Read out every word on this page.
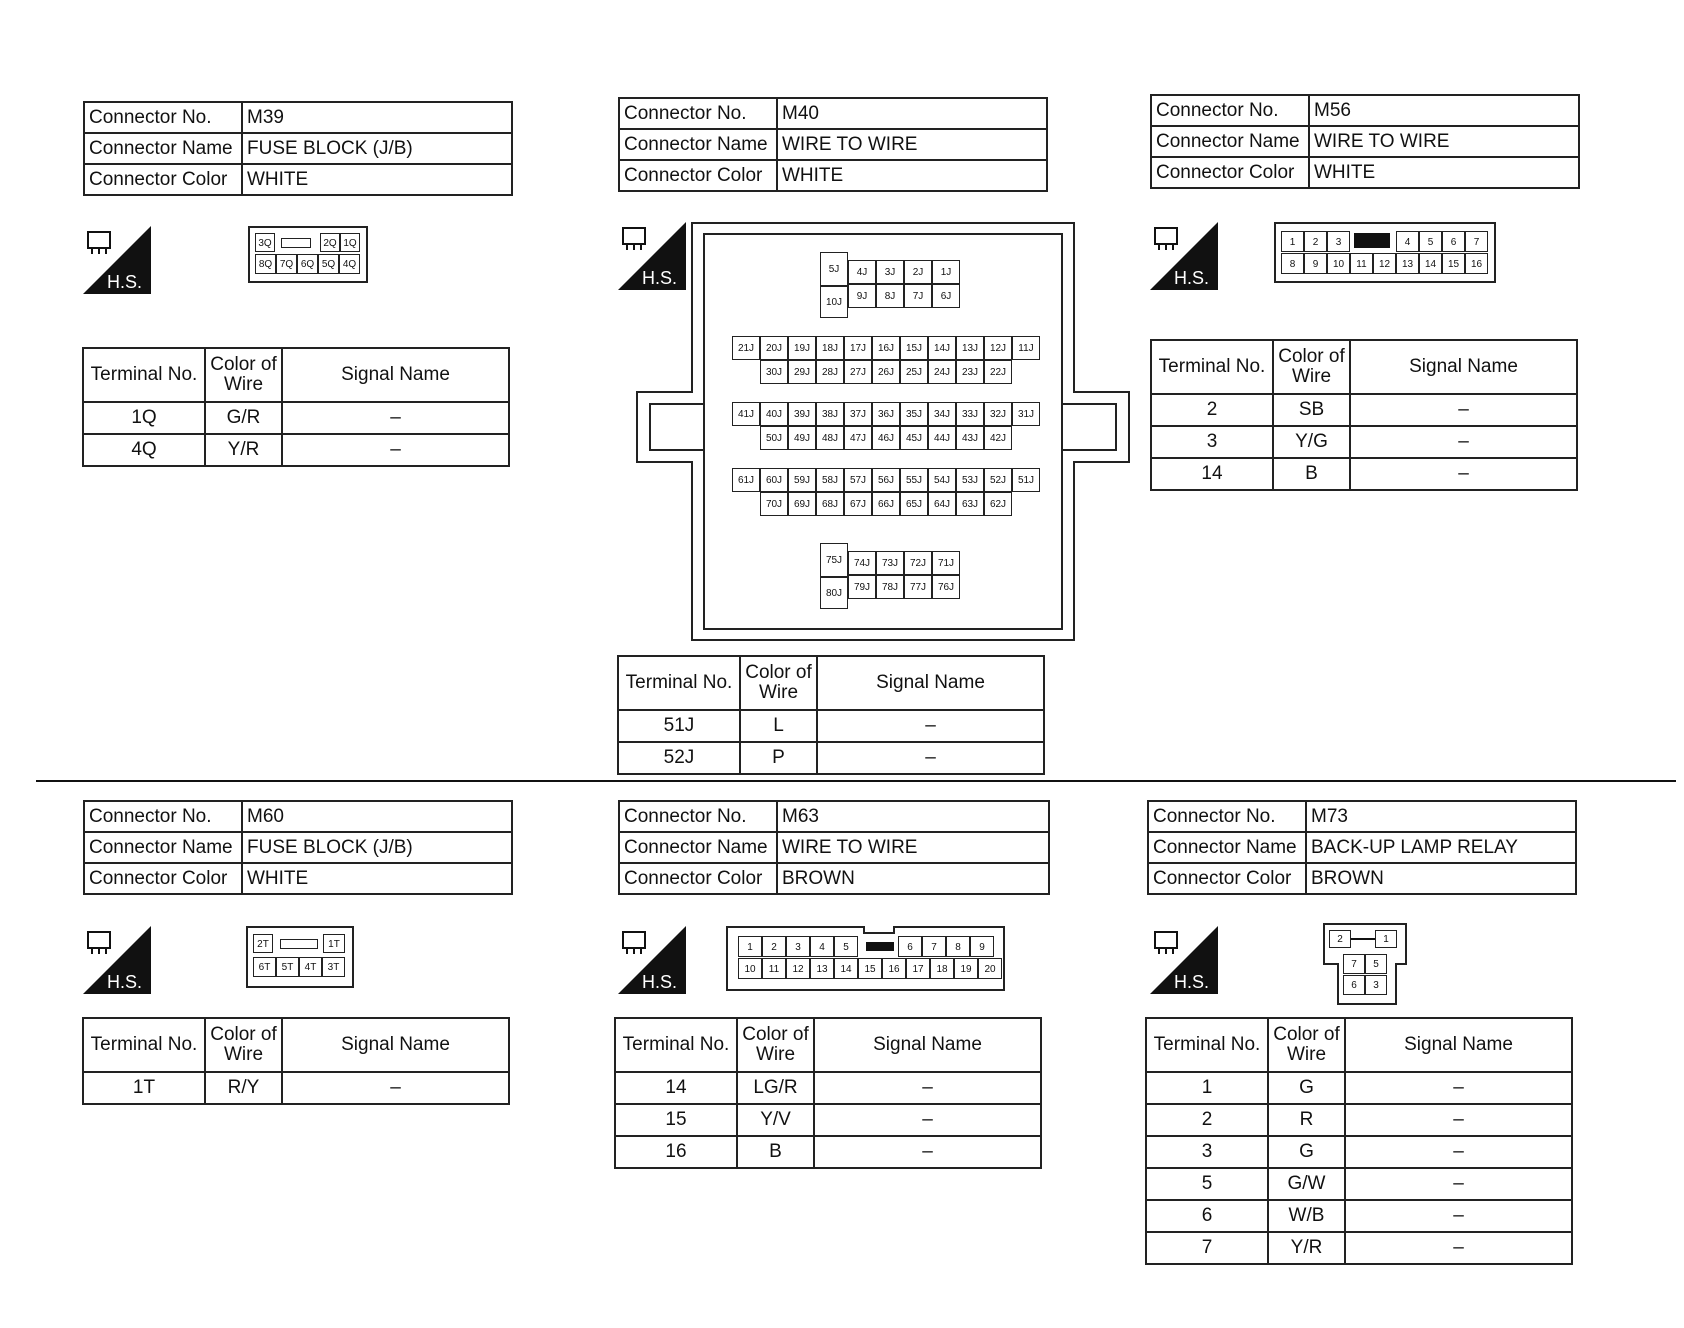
Connector No.	M39
Connector Name	FUSE BLOCK (J/B)
Connector Color	WHITE
H.S.
3Q	2Q 1Q
8Q 7Q 6Q 5Q 4Q
Terminal No.	Color of Wire	Signal Name
1Q	G/R	–
4Q	Y/R	–
Connector No.	M40
Connector Name	WIRE TO WIRE
Connector Color	WHITE
H.S.	5J
10J
4J	3J	2J	1J
9J	8J	7J	6J
21J	20J	19J	18J	17J	16J	15J	14J	13J	12J	11J
30J	29J	28J	27J	26J	25J	24J	23J	22J
41J	40J	39J	38J	37J	36J	35J	34J	33J	32J	31J
50J	49J	48J	47J	46J	45J	44J	43J	42J
61J	60J	59J	58J	57J	56J	55J	54J	53J	52J	51J
70J	69J	68J	67J	66J	65J	64J	63J	62J
75J
80J
74J	73J	72J	71J
79J	78J	77J	76J
Terminal No.	Color of Wire	Signal Name
51J	L	–
52J	P	–
Connector No.	M56
Connector Name	WIRE TO WIRE
Connector Color	WHITE
H.S.
1	2	3	4	5	6	7
8	9	10	11	12	13	14	15	16
Terminal No.	Color of Wire	Signal Name
2	SB	–
3	Y/G	–
14	B	–
Connector No.	M60
Connector Name	FUSE BLOCK (J/B)
Connector Color	WHITE
H.S.
2T	1T
6T	5T	4T	3T
Terminal No.	Color of Wire	Signal Name
1T	R/Y	–
Connector No.	M63
Connector Name	WIRE TO WIRE
Connector Color	BROWN
H.S.
1	2	3	4	5	6	7	8	9
10	11	12	13	14	15	16	17	18	19	20
Terminal No.	Color of Wire	Signal Name
14	LG/R	–
15	Y/V	–
16	B	–
Connector No.	M73
Connector Name	BACK-UP LAMP RELAY
Connector Color	BROWN
H.S.
2	1
7	5
6	3
Terminal No.	Color of Wire	Signal Name
1	G	–
2	R	–
3	G	–
5	G/W	–
6	W/B	–
7	Y/R	–
